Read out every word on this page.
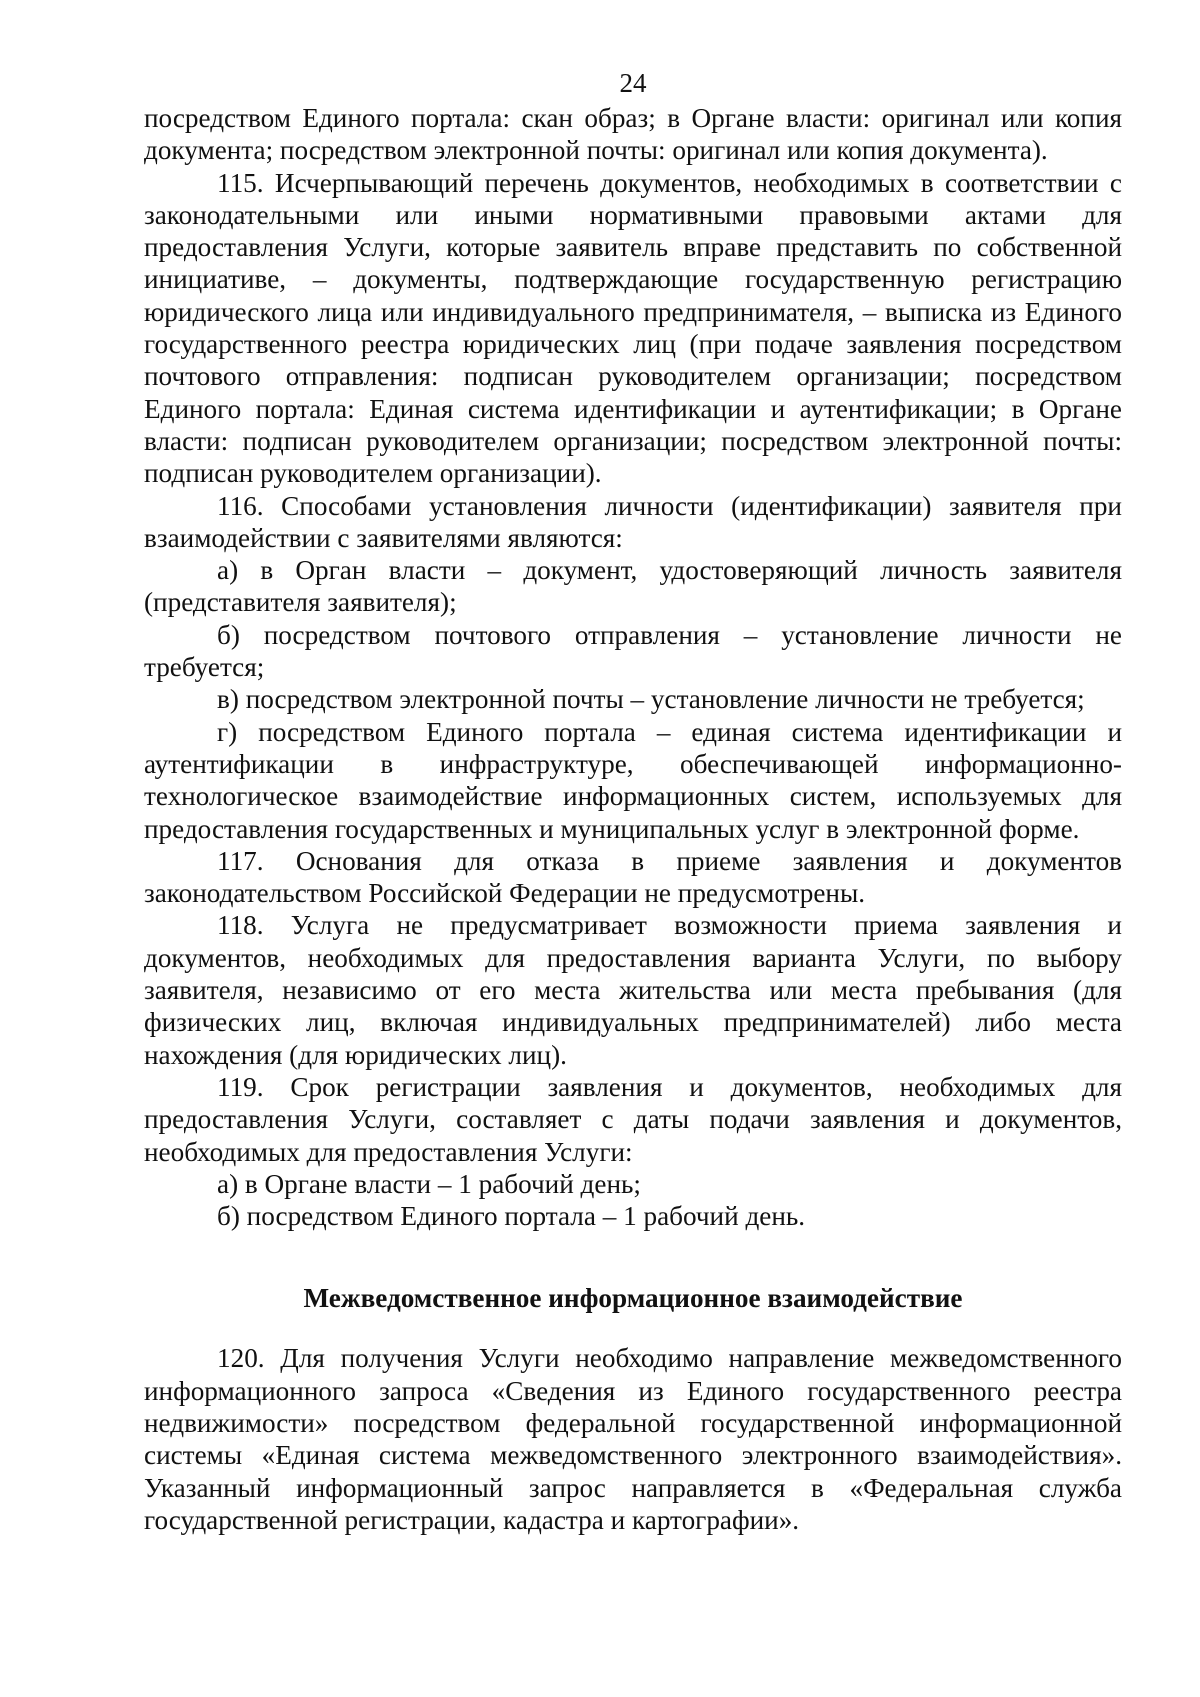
24

посредством Единого портала: скан образ; в Органе власти: оригинал или копия документа; посредством электронной почты: оригинал или копия документа).

115. Исчерпывающий перечень документов, необходимых в соответствии с законодательными или иными нормативными правовыми актами для предоставления Услуги, которые заявитель вправе представить по собственной инициативе, – документы, подтверждающие государственную регистрацию юридического лица или индивидуального предпринимателя, – выписка из Единого государственного реестра юридических лиц (при подаче заявления посредством почтового отправления: подписан руководителем организации; посредством Единого портала: Единая система идентификации и аутентификации; в Органе власти: подписан руководителем организации; посредством электронной почты: подписан руководителем организации).

116. Способами установления личности (идентификации) заявителя при взаимодействии с заявителями являются:

а) в Орган власти – документ, удостоверяющий личность заявителя (представителя заявителя);

б) посредством почтового отправления – установление личности не требуется;

в) посредством электронной почты – установление личности не требуется;

г) посредством Единого портала – единая система идентификации и аутентификации в инфраструктуре, обеспечивающей информационно-технологическое взаимодействие информационных систем, используемых для предоставления государственных и муниципальных услуг в электронной форме.

117. Основания для отказа в приеме заявления и документов законодательством Российской Федерации не предусмотрены.

118. Услуга не предусматривает возможности приема заявления и документов, необходимых для предоставления варианта Услуги, по выбору заявителя, независимо от его места жительства или места пребывания (для физических лиц, включая индивидуальных предпринимателей) либо места нахождения (для юридических лиц).

119. Срок регистрации заявления и документов, необходимых для предоставления Услуги, составляет с даты подачи заявления и документов, необходимых для предоставления Услуги:

а) в Органе власти – 1 рабочий день;

б) посредством Единого портала – 1 рабочий день.

Межведомственное информационное взаимодействие

120. Для получения Услуги необходимо направление межведомственного информационного запроса «Сведения из Единого государственного реестра недвижимости» посредством федеральной государственной информационной системы «Единая система межведомственного электронного взаимодействия». Указанный информационный запрос направляется в «Федеральная служба государственной регистрации, кадастра и картографии».
